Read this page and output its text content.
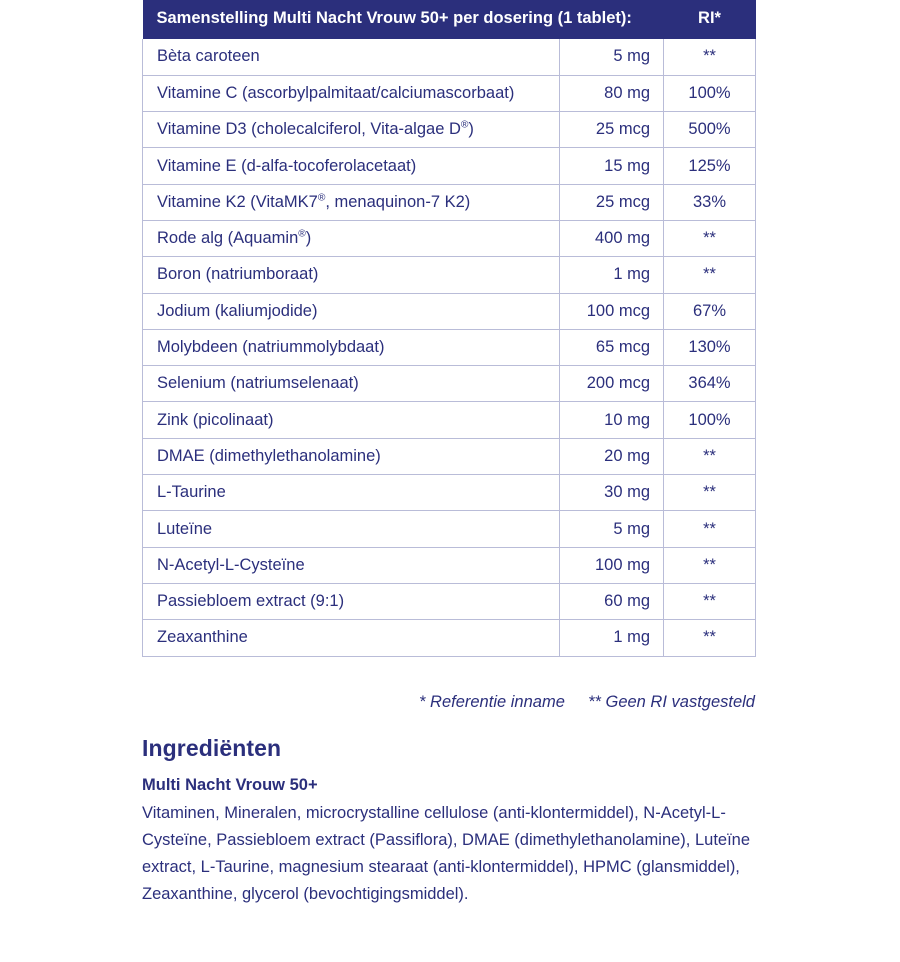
Samenstelling Multi Nacht Vrouw 50+ per dosering (1 tablet):		RI*
Bèta caroteen	5 mg	**
Vitamine C (ascorbylpalmitaat/calciumascorbaat)	80 mg	100%
Vitamine D3 (cholecalciferol, Vita-algae D®)	25 mcg	500%
Vitamine E (d-alfa-tocoferolacetaat)	15 mg	125%
Vitamine K2 (VitaMK7®, menaquinon-7 K2)	25 mcg	33%
Rode alg (Aquamin®)	400 mg	**
Boron (natriumboraat)	1 mg	**
Jodium (kaliumjodide)	100 mcg	67%
Molybdeen (natriummolybdaat)	65 mcg	130%
Selenium (natriumselenaat)	200 mcg	364%
Zink (picolinaat)	10 mg	100%
DMAE (dimethylethanolamine)	20 mg	**
L-Taurine	30 mg	**
Luteïne	5 mg	**
N-Acetyl-L-Cysteïne	100 mg	**
Passiebloem extract (9:1)	60 mg	**
Zeaxanthine	1 mg	**
* Referentie inname ** Geen RI vastgesteld
Ingrediënten

Multi Nacht Vrouw 50+

Vitaminen, Mineralen, microcrystalline cellulose (anti-klontermiddel), N-Acetyl-L-Cysteïne, Passiebloem extract (Passiflora), DMAE (dimethylethanolamine), Luteïne extract, L-Taurine, magnesium stearaat (anti-klontermiddel), HPMC (glansmiddel), Zeaxanthine, glycerol (bevochtigingsmiddel).
